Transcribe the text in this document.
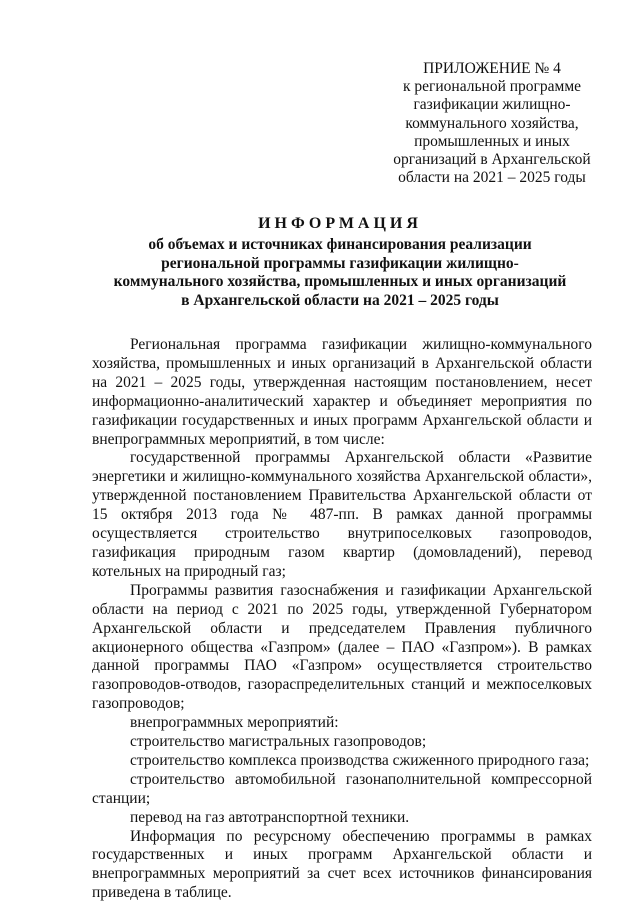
ПРИЛОЖЕНИЕ № 4
к региональной программе
газификации жилищно-
коммунального хозяйства,
промышленных и иных
организаций в Архангельской
области на 2021 – 2025 годы
ИНФОРМАЦИЯ
об объемах и источниках финансирования реализации региональной программы газификации жилищно-коммунального хозяйства, промышленных и иных организаций в Архангельской области на 2021 – 2025 годы

Региональная программа газификации жилищно-коммунального хозяйства, промышленных и иных организаций в Архангельской области на 2021 – 2025 годы, утвержденная настоящим постановлением, несет информационно-аналитический характер и объединяет мероприятия по газификации государственных и иных программ Архангельской области и внепрограммных мероприятий, в том числе:

государственной программы Архангельской области «Развитие энергетики и жилищно-коммунального хозяйства Архангельской области», утвержденной постановлением Правительства Архангельской области от 15 октября 2013 года № 487-пп. В рамках данной программы осуществляется строительство внутрипоселковых газопроводов, газификация природным газом квартир (домовладений), перевод котельных на природный газ;

Программы развития газоснабжения и газификации Архангельской области на период с 2021 по 2025 годы, утвержденной Губернатором Архангельской области и председателем Правления публичного акционерного общества «Газпром» (далее – ПАО «Газпром»). В рамках данной программы ПАО «Газпром» осуществляется строительство газопроводов-отводов, газораспределительных станций и межпоселковых газопроводов;

внепрограммных мероприятий:

строительство магистральных газопроводов;

строительство комплекса производства сжиженного природного газа;

строительство автомобильной газонаполнительной компрессорной станции;

перевод на газ автотранспортной техники.

Информация по ресурсному обеспечению программы в рамках государственных и иных программ Архангельской области и внепрограммных мероприятий за счет всех источников финансирования приведена в таблице.
